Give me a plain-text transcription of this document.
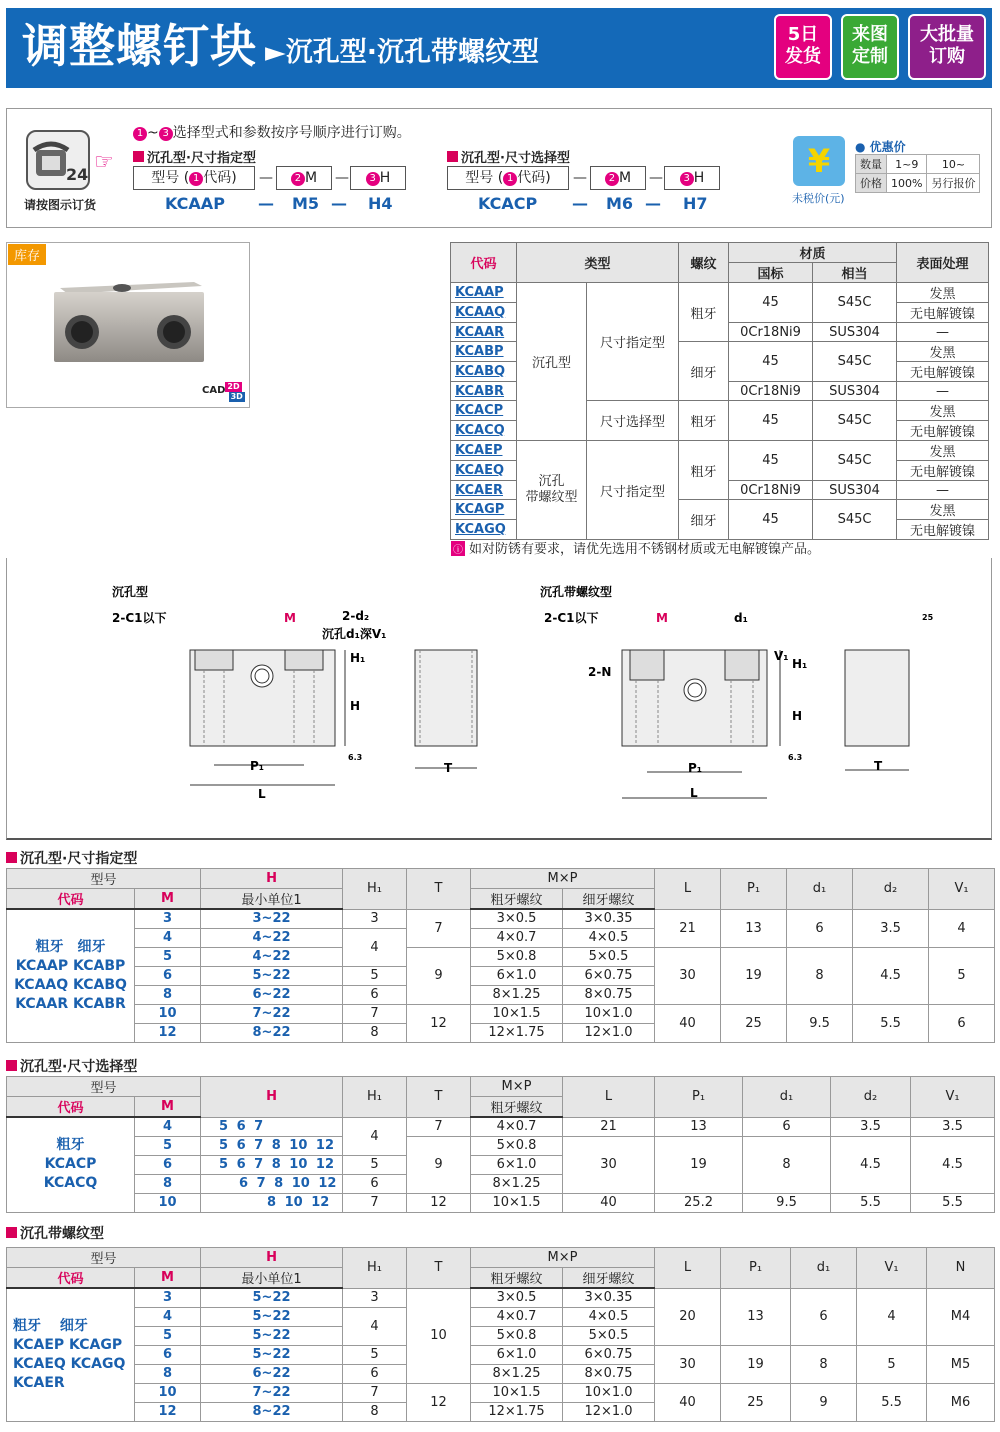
调整螺钉块 ►沉孔型·沉孔带螺纹型
5日
发货
来图
定制
大批量
订购
24
请按图示订货
☞
1 ~ 3 选择型式和参数按序号顺序进行订购。
沉孔型·尺寸指定型
型号 ( 1 代码)	—	2 M	—	3 H
KCAAP — M5 — H4
沉孔型·尺寸选择型
型号 ( 1 代码)	—	2 M	—	3 H
KCACP — M6 — H7
¥
未税价(元)
● 优惠价
数量	1~9	10~
价格	100%	另行报价
库存
CAD 2D3D
代码	类型		螺纹	材质		表面处理
				国标	相当	
KCAAP	沉孔型	尺寸指定型	粗牙	45	S45C	发黑
KCAAQ						无电解镀镍
KCAAR				0Cr18Ni9	SUS304	—
KCABP			细牙	45	S45C	发黑
KCABQ						无电解镀镍
KCABR				0Cr18Ni9	SUS304	—
KCACP		尺寸选择型	粗牙	45	S45C	发黑
KCACQ						无电解镀镍
KCAEP	沉孔
带螺纹型	尺寸指定型	粗牙	45	S45C	发黑
KCAEQ						无电解镀镍
KCAER				0Cr18Ni9	SUS304	—
KCAGP			细牙	45	S45C	发黑
KCAGQ						无电解镀镍
ⓘ 如对防锈有要求，请优先选用不锈钢材质或无电解镀镍产品。
沉孔型
2-C1以下	M	2-d₂
沉孔d₁深V₁
P₁
L
H₁
H
T
6.3
沉孔带螺纹型
2-C1以下	M	d₁
2-N
P₁
L
V₁
H₁
H
T
25
6.3
沉孔型·尺寸指定型
型号		H	H₁	T	M×P		L	P₁	d₁	d₂	V₁
代码	M	最小单位1			粗牙螺纹	细牙螺纹					
粗牙　细牙
KCAAP KCABP
KCAAQ KCABQ
KCAAR KCABR	3	3~22	3	7	3×0.5	3×0.35	21	13	6	3.5	4
	4	4~22	4		4×0.7	4×0.5					
	5	4~22		9	5×0.8	5×0.5	30	19	8	4.5	5
	6	5~22	5		6×1.0	6×0.75					
	8	6~22	6		8×1.25	8×0.75					
	10	7~22	7	12	10×1.5	10×1.0	40	25	9.5	5.5	6
	12	8~22	8		12×1.75	12×1.0					
沉孔型·尺寸选择型
型号		H	H₁	T	M×P	L	P₁	d₁	d₂	V₁
代码	M				粗牙螺纹					
粗牙
KCACP
KCACQ	4	5 6 7	4	7	4×0.7	21	13	6	3.5	3.5
	5	5 6 7 8 10 12		9	5×0.8	30	19	8	4.5	4.5
	6	5 6 7 8 10 12	5		6×1.0					
	8	6 7 8 10 12	6		8×1.25					
	10	8 10 12	7	12	10×1.5	40	25.2	9.5	5.5	5.5
沉孔带螺纹型
型号		H	H₁	T	M×P		L	P₁	d₁	V₁	N
代码	M	最小单位1			粗牙螺纹	细牙螺纹					
粗牙　 细牙
KCAEP KCAGP
KCAEQ KCAGQ
KCAER	3	5~22	3	10	3×0.5	3×0.35	20	13	6	4	M4
	4	5~22	4		4×0.7	4×0.5					
	5	5~22			5×0.8	5×0.5					
	6	5~22	5		6×1.0	6×0.75	30	19	8	5	M5
	8	6~22	6		8×1.25	8×0.75					
	10	7~22	7	12	10×1.5	10×1.0	40	25	9	5.5	M6
	12	8~22	8		12×1.75	12×1.0					
